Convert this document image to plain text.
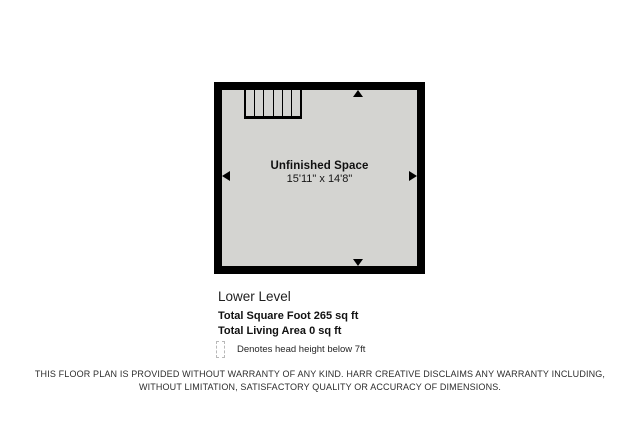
Unfinished Space
15'11" x 14'8"
Lower Level
Total Square Foot 265 sq ft
Total Living Area 0 sq ft
Denotes head height below 7ft
THIS FLOOR PLAN IS PROVIDED WITHOUT WARRANTY OF ANY KIND. HARR CREATIVE DISCLAIMS ANY WARRANTY INCLUDING,
WITHOUT LIMITATION, SATISFACTORY QUALITY OR ACCURACY OF DIMENSIONS.
